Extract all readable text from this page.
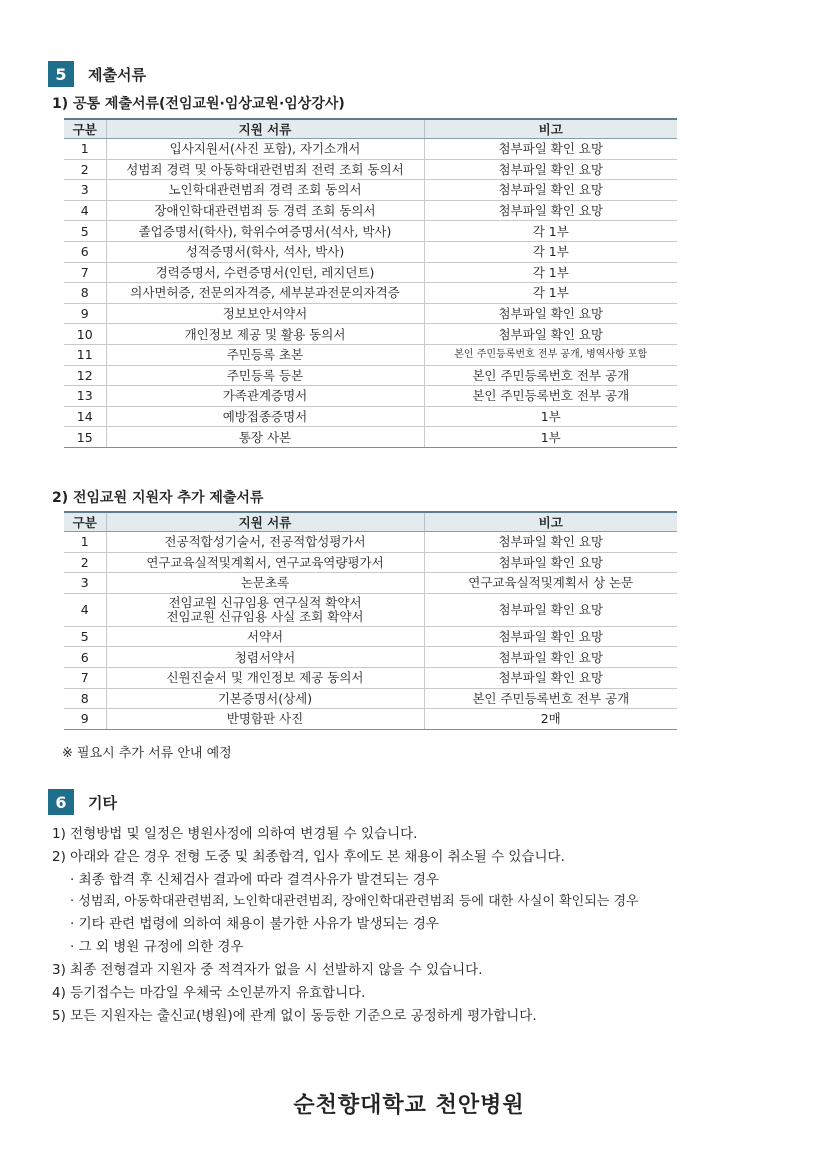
5	제출서류
1) 공통 제출서류(전임교원·임상교원·임상강사)
구분	지원 서류	비고
1	입사지원서(사진 포함), 자기소개서	첨부파일 확인 요망
2	성범죄 경력 및 아동학대관련범죄 전력 조회 동의서	첨부파일 확인 요망
3	노인학대관련범죄 경력 조회 동의서	첨부파일 확인 요망
4	장애인학대관련범죄 등 경력 조회 동의서	첨부파일 확인 요망
5	졸업증명서(학사), 학위수여증명서(석사, 박사)	각 1부
6	성적증명서(학사, 석사, 박사)	각 1부
7	경력증명서, 수련증명서(인턴, 레지던트)	각 1부
8	의사면허증, 전문의자격증, 세부분과전문의자격증	각 1부
9	정보보안서약서	첨부파일 확인 요망
10	개인정보 제공 및 활용 동의서	첨부파일 확인 요망
11	주민등록 초본	본인 주민등록번호 전부 공개, 병역사항 포함
12	주민등록 등본	본인 주민등록번호 전부 공개
13	가족관계증명서	본인 주민등록번호 전부 공개
14	예방접종증명서	1부
15	통장 사본	1부
2) 전임교원 지원자 추가 제출서류
구분	지원 서류	비고
1	전공적합성기술서, 전공적합성평가서	첨부파일 확인 요망
2	연구교육실적및계획서, 연구교육역량평가서	첨부파일 확인 요망
3	논문초록	연구교육실적및계획서 상 논문
4	전임교원 신규임용 연구실적 확약서
전임교원 신규임용 사실 조회 확약서	첨부파일 확인 요망
5	서약서	첨부파일 확인 요망
6	청렴서약서	첨부파일 확인 요망
7	신원진술서 및 개인정보 제공 동의서	첨부파일 확인 요망
8	기본증명서(상세)	본인 주민등록번호 전부 공개
9	반명함판 사진	2매
※ 필요시 추가 서류 안내 예정
6	기타
1) 전형방법 및 일정은 병원사정에 의하여 변경될 수 있습니다.
2) 아래와 같은 경우 전형 도중 및 최종합격, 입사 후에도 본 채용이 취소될 수 있습니다.
· 최종 합격 후 신체검사 결과에 따라 결격사유가 발견되는 경우
· 성범죄, 아동학대관련범죄, 노인학대관련범죄, 장애인학대관련범죄 등에 대한 사실이 확인되는 경우
· 기타 관련 법령에 의하여 채용이 불가한 사유가 발생되는 경우
· 그 외 병원 규정에 의한 경우
3) 최종 전형결과 지원자 중 적격자가 없을 시 선발하지 않을 수 있습니다.
4) 등기접수는 마감일 우체국 소인분까지 유효합니다.
5) 모든 지원자는 출신교(병원)에 관계 없이 동등한 기준으로 공정하게 평가합니다.
순천향대학교 천안병원
